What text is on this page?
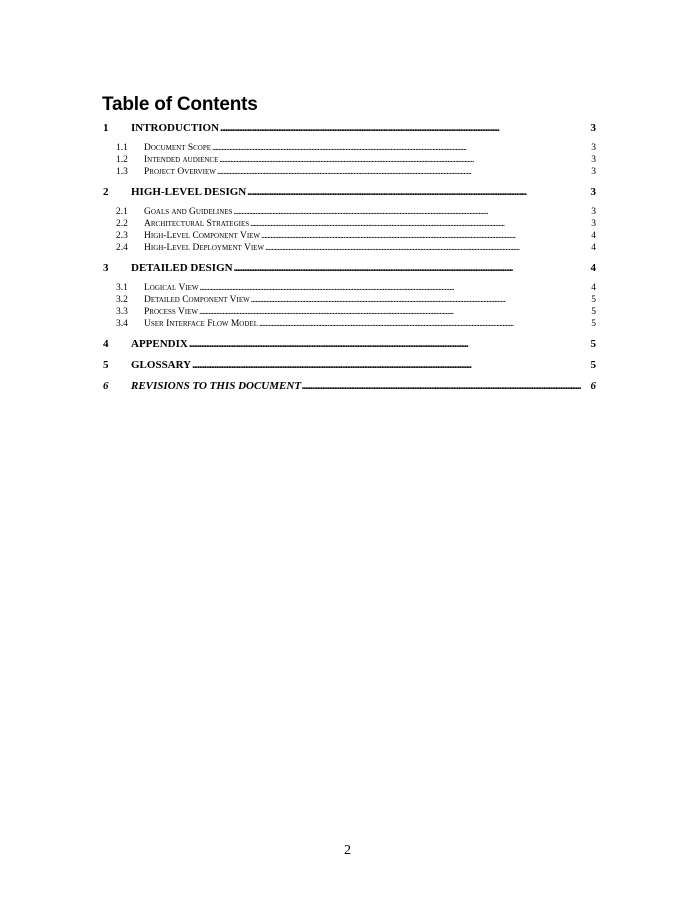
Table of Contents
1	INTRODUCTION . . .	3
1.1	Document Scope . . .	3
1.2	Intended audience . . .	3
1.3	Project Overview . . .	3
2	HIGH-LEVEL DESIGN . . .	3
2.1	Goals and Guidelines . . .	3
2.2	Architectural Strategies . . .	3
2.3	High-Level Component View . . .	4
2.4	High-Level Deployment View . . .	4
3	DETAILED DESIGN . . .	4
3.1	Logical View . . .	4
3.2	Detailed Component View . . .	5
3.3	Process View . . .	5
3.4	User Interface Flow Model . . .	5
4	APPENDIX . . .	5
5	GLOSSARY . . .	5
6	REVISIONS TO THIS DOCUMENT . . .	6
2
